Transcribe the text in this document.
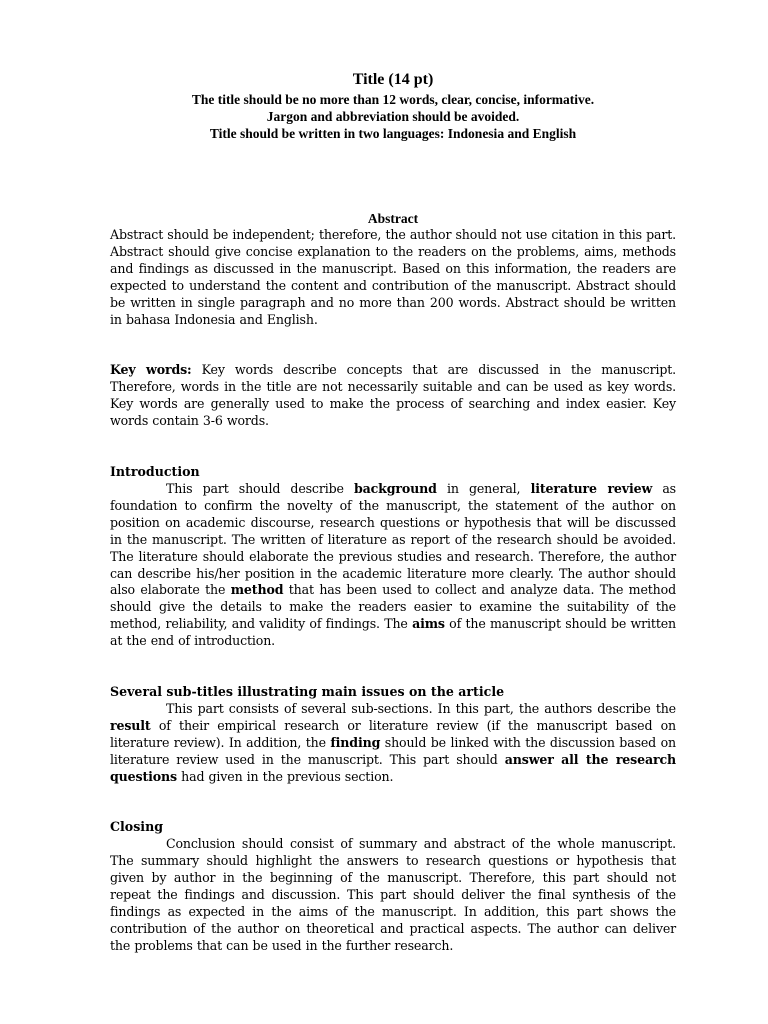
Title (14 pt)
The title should be no more than 12 words, clear, concise, informative.
Jargon and abbreviation should be avoided.
Title should be written in two languages: Indonesia and English
Abstract

Abstract should be independent; therefore, the author should not use citation in this part. Abstract should give concise explanation to the readers on the problems, aims, methods and findings as discussed in the manuscript. Based on this information, the readers are expected to understand the content and contribution of the manuscript. Abstract should be written in single paragraph and no more than 200 words. Abstract should be written in bahasa Indonesia and English.

Key words: Key words describe concepts that are discussed in the manuscript. Therefore, words in the title are not necessarily suitable and can be used as key words. Key words are generally used to make the process of searching and index easier. Key words contain 3-6 words.

Introduction

This part should describe background in general, literature review as foundation to confirm the novelty of the manuscript, the statement of the author on position on academic discourse, research questions or hypothesis that will be discussed in the manuscript. The written of literature as report of the research should be avoided. The literature should elaborate the previous studies and research. Therefore, the author can describe his/her position in the academic literature more clearly. The author should also elaborate the method that has been used to collect and analyze data. The method should give the details to make the readers easier to examine the suitability of the method, reliability, and validity of findings. The aims of the manuscript should be written at the end of introduction.

Several sub-titles illustrating main issues on the article

This part consists of several sub-sections. In this part, the authors describe the result of their empirical research or literature review (if the manuscript based on literature review). In addition, the finding should be linked with the discussion based on literature review used in the manuscript. This part should answer all the research questions had given in the previous section.

Closing

Conclusion should consist of summary and abstract of the whole manuscript. The summary should highlight the answers to research questions or hypothesis that given by author in the beginning of the manuscript. Therefore, this part should not repeat the findings and discussion. This part should deliver the final synthesis of the findings as expected in the aims of the manuscript. In addition, this part shows the contribution of the author on theoretical and practical aspects. The author can deliver the problems that can be used in the further research.
